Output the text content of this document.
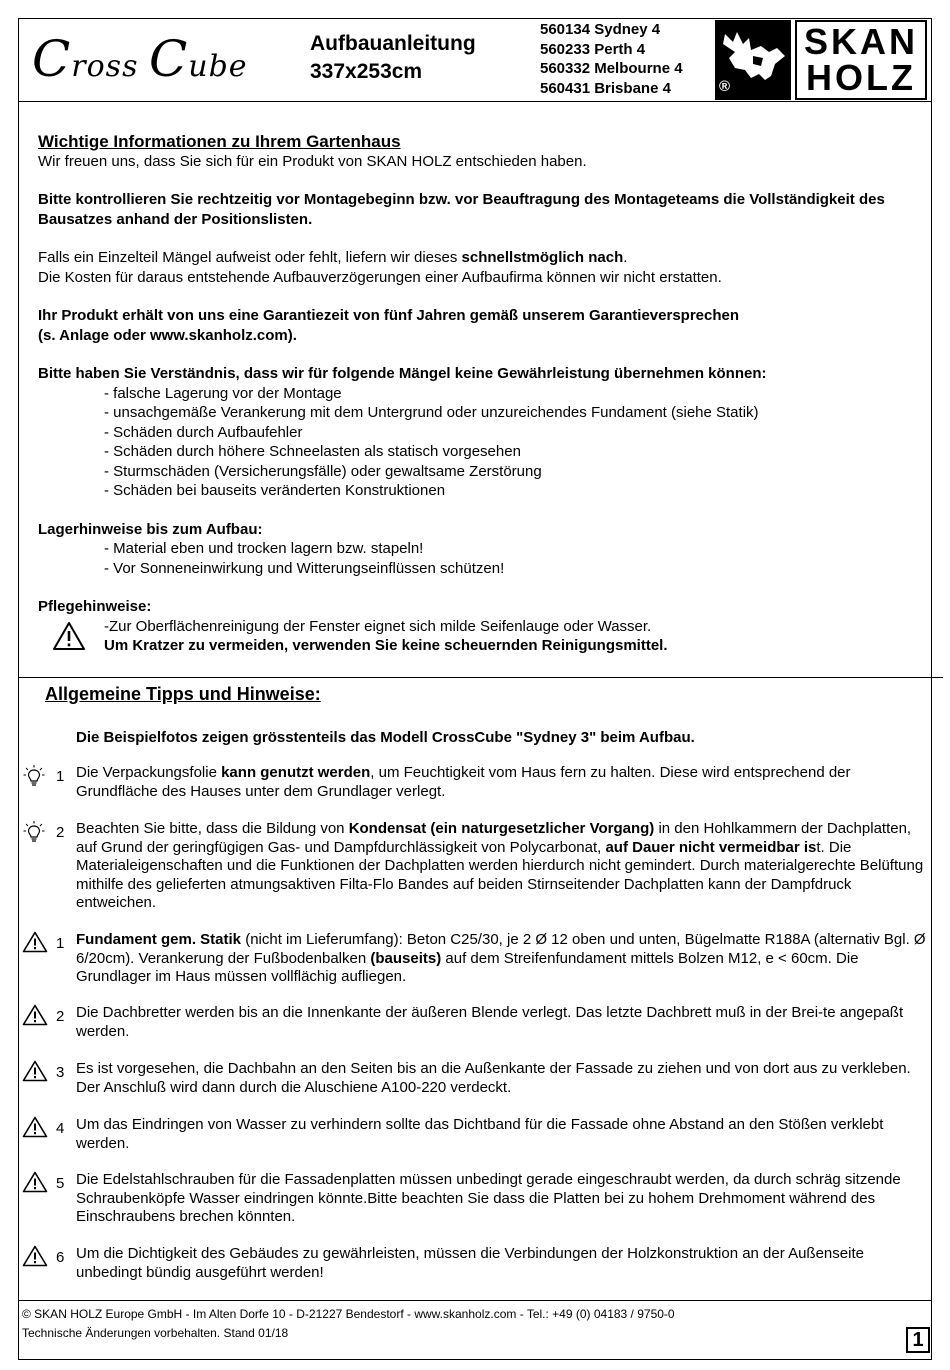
Cross Cube
Aufbauanleitung
337x253cm
560134 Sydney 4
560233 Perth 4
560332 Melbourne 4
560431 Brisbane 4	®
SKAN
HOLZ
Wichtige Informationen zu Ihrem Gartenhaus

Wir freuen uns, dass Sie sich für ein Produkt von SKAN HOLZ entschieden haben.

Bitte kontrollieren Sie rechtzeitig vor Montagebeginn bzw. vor Beauftragung des Montageteams die Vollständigkeit des Bausatzes anhand der Positionslisten.

Falls ein Einzelteil Mängel aufweist oder fehlt, liefern wir dieses schnellstmöglich nach.

Die Kosten für daraus entstehende Aufbauverzögerungen einer Aufbaufirma können wir nicht erstatten.

Ihr Produkt erhält von uns eine Garantiezeit von fünf Jahren gemäß unserem Garantieversprechen

(s. Anlage oder www.skanholz.com).

Bitte haben Sie Verständnis, dass wir für folgende Mängel keine Gewährleistung übernehmen können:

- falsche Lagerung vor der Montage
- unsachgemäße Verankerung mit dem Untergrund oder unzureichendes Fundament (siehe Statik)
- Schäden durch Aufbaufehler
- Schäden durch höhere Schneelasten als statisch vorgesehen
- Sturmschäden (Versicherungsfälle) oder gewaltsame Zerstörung
- Schäden bei bauseits veränderten Konstruktionen

Lagerhinweise bis zum Aufbau:

- Material eben und trocken lagern bzw. stapeln!
- Vor Sonneneinwirkung und Witterungseinflüssen schützen!

Pflegehinweise:

-Zur Oberflächenreinigung der Fenster eignet sich milde Seifenlauge oder Wasser.

Um Kratzer zu vermeiden, verwenden Sie keine scheuernden Reinigungsmittel.

Allgemeine Tipps und Hinweise:

Die Beispielfotos zeigen grösstenteils das Modell CrossCube "Sydney 3" beim Aufbau.

1 Die Verpackungsfolie kann genutzt werden, um Feuchtigkeit vom Haus fern zu halten. Diese wird entsprechend der Grundfläche des Hauses unter dem Grundlager verlegt.

2 Beachten Sie bitte, dass die Bildung von Kondensat (ein naturgesetzlicher Vorgang) in den Hohlkammern der Dachplatten, auf Grund der geringfügigen Gas- und Dampfdurchlässigkeit von Polycarbonat, auf Dauer nicht vermeidbar ist. Die Materialeigenschaften und die Funktionen der Dachplatten werden hierdurch nicht gemindert. Durch materialgerechte Belüftung mithilfe des gelieferten atmungsaktiven Filta-Flo Bandes auf beiden Stirnseitender Dachplatten kann der Dampfdruck entweichen.

1 Fundament gem. Statik (nicht im Lieferumfang): Beton C25/30, je 2 Ø 12 oben und unten, Bügelmatte R188A (alternativ Bgl. Ø 6/20cm). Verankerung der Fußbodenbalken (bauseits) auf dem Streifenfundament mittels Bolzen M12, e < 60cm. Die Grundlager im Haus müssen vollflächig aufliegen.

2 Die Dachbretter werden bis an die Innenkante der äußeren Blende verlegt. Das letzte Dachbrett muß in der Brei-te angepaßt werden.

3 Es ist vorgesehen, die Dachbahn an den Seiten bis an die Außenkante der Fassade zu ziehen und von dort aus zu verkleben. Der Anschluß wird dann durch die Aluschiene A100-220 verdeckt.

4 Um das Eindringen von Wasser zu verhindern sollte das Dichtband für die Fassade ohne Abstand an den Stößen verklebt werden.

5 Die Edelstahlschrauben für die Fassadenplatten müssen unbedingt gerade eingeschraubt werden, da durch schräg sitzende Schraubenköpfe Wasser eindringen könnte.Bitte beachten Sie dass die Platten bei zu hohem Drehmoment während des Einschraubens brechen könnten.

6 Um die Dichtigkeit des Gebäudes zu gewährleisten, müssen die Verbindungen der Holzkonstruktion an der Außenseite unbedingt bündig ausgeführt werden!

© SKAN HOLZ Europe GmbH - Im Alten Dorfe 10 - D-21227 Bendestorf - www.skanholz.com - Tel.: +49 (0) 04183 / 9750-0
Technische Änderungen vorbehalten. Stand 01/18	1
